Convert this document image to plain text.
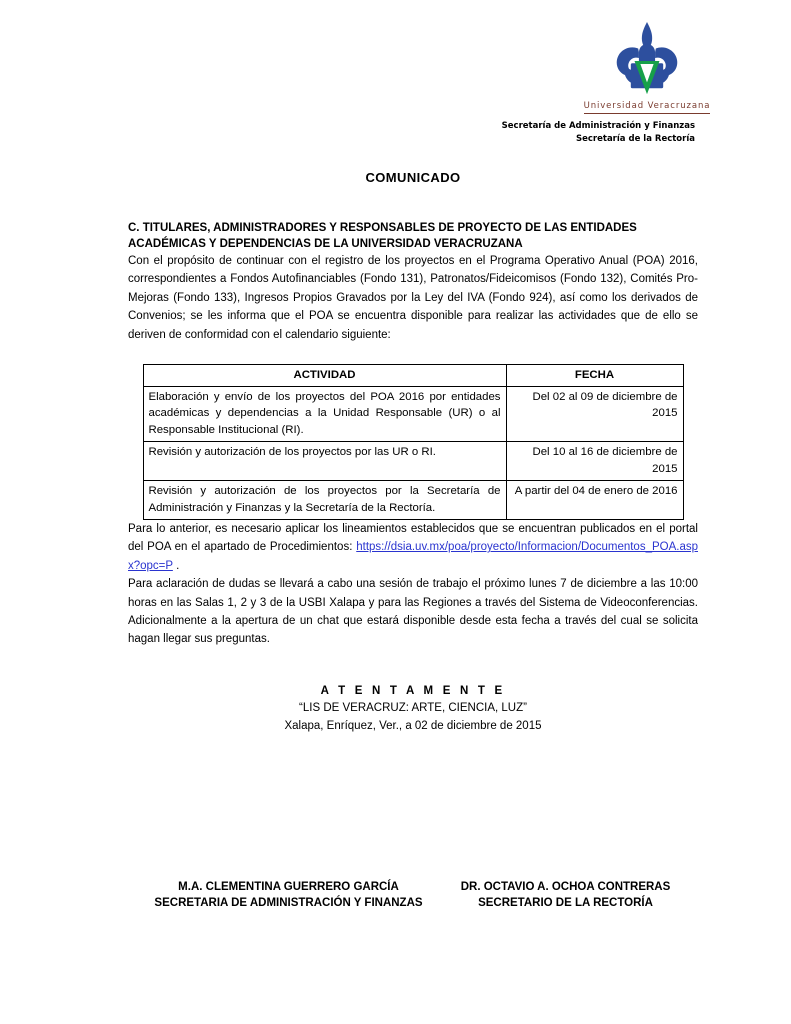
Universidad Veracruzana
Secretaría de Administración y Finanzas
Secretaría de la Rectoría
COMUNICADO
C. TITULARES, ADMINISTRADORES Y RESPONSABLES DE PROYECTO DE LAS ENTIDADES ACADÉMICAS Y DEPENDENCIAS DE LA UNIVERSIDAD VERACRUZANA

Con el propósito de continuar con el registro de los proyectos en el Programa Operativo Anual (POA) 2016, correspondientes a Fondos Autofinanciables (Fondo 131), Patronatos/Fideicomisos (Fondo 132), Comités Pro-Mejoras (Fondo 133), Ingresos Propios Gravados por la Ley del IVA (Fondo 924), así como los derivados de Convenios; se les informa que el POA se encuentra disponible para realizar las actividades que de ello se deriven de conformidad con el calendario siguiente:

ACTIVIDAD	FECHA
Elaboración y envío de los proyectos del POA 2016 por entidades académicas y dependencias a la Unidad Responsable (UR) o al Responsable Institucional (RI).	Del 02 al 09 de diciembre de 2015
Revisión y autorización de los proyectos por las UR o RI.	Del 10 al 16 de diciembre de 2015
Revisión y autorización de los proyectos por la Secretaría de Administración y Finanzas y la Secretaría de la Rectoría.	A partir del 04 de enero de 2016

Para lo anterior, es necesario aplicar los lineamientos establecidos que se encuentran publicados en el portal del POA en el apartado de Procedimientos: https://dsia.uv.mx/poa/proyecto/Informacion/Documentos_POA.aspx?opc=P .

Para aclaración de dudas se llevará a cabo una sesión de trabajo el próximo lunes 7 de diciembre a las 10:00 horas en las Salas 1, 2 y 3 de la USBI Xalapa y para las Regiones a través del Sistema de Videoconferencias. Adicionalmente a la apertura de un chat que estará disponible desde esta fecha a través del cual se solicita hagan llegar sus preguntas.

A T E N T A M E N T E
“LIS DE VERACRUZ: ARTE, CIENCIA, LUZ”
Xalapa, Enríquez, Ver., a 02 de diciembre de 2015
M.A. CLEMENTINA GUERRERO GARCÍA
SECRETARIA DE ADMINISTRACIÓN Y FINANZAS
DR. OCTAVIO A. OCHOA CONTRERAS
SECRETARIO DE LA RECTORÍA
